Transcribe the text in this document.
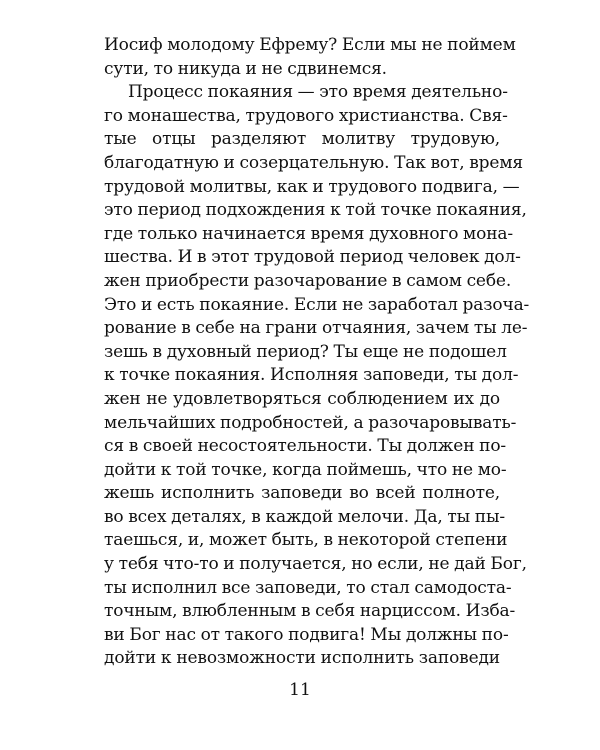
Иосиф молодому Ефрему? Если мы не поймем
сути, то никуда и не сдвинемся.
Процесс покаяния — это время деятельно-
го монашества, трудового христианства. Свя-
тые отцы разделяют молитву трудовую,
благодатную и созерцательную. Так вот, время
трудовой молитвы, как и трудового подвига, —
это период подхождения к той точке покаяния,
где только начинается время духовного мона-
шества. И в этот трудовой период человек дол-
жен приобрести разочарование в самом себе.
Это и есть покаяние. Если не заработал разоча-
рование в себе на грани отчаяния, зачем ты ле-
зешь в духовный период? Ты еще не подошел
к точке покаяния. Исполняя заповеди, ты дол-
жен не удовлетворяться соблюдением их до
мельчайших подробностей, а разочаровывать-
ся в своей несостоятельности. Ты должен по-
дойти к той точке, когда поймешь, что не мо-
жешь исполнить заповеди во всей полноте,
во всех деталях, в каждой мелочи. Да, ты пы-
таешься, и, может быть, в некоторой степени
у тебя что-то и получается, но если, не дай Бог,
ты исполнил все заповеди, то стал самодоста-
точным, влюбленным в себя нарциссом. Изба-
ви Бог нас от такого подвига! Мы должны по-
дойти к невозможности исполнить заповеди
11
